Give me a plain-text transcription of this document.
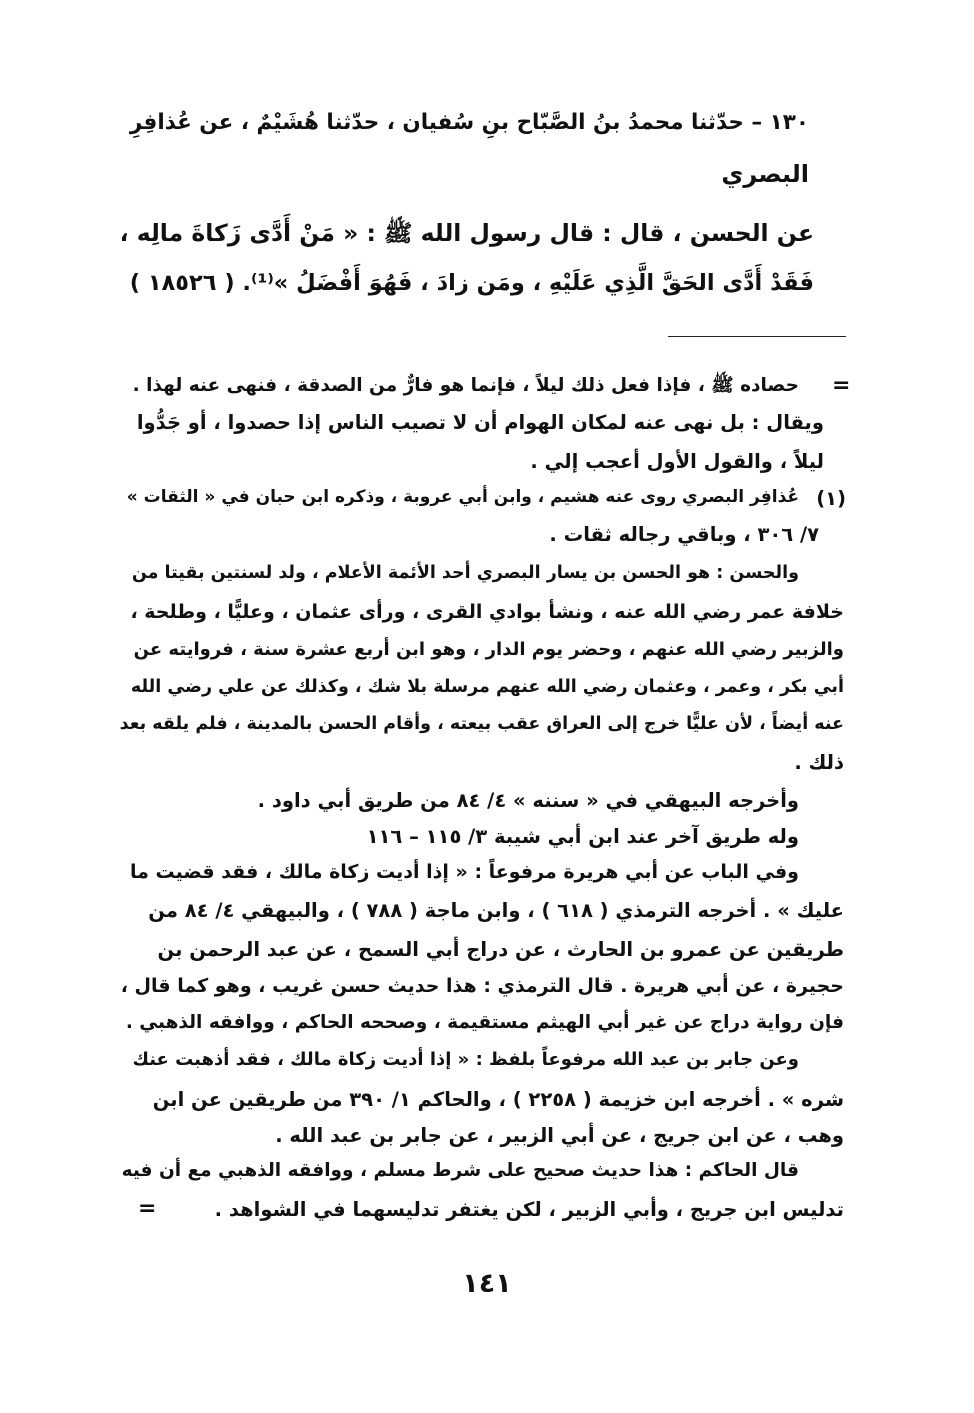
١٣٠ – حدّثنا محمدُ بنُ الصَّبّاح بنِ سُفيان ، حدّثنا هُشَيْمٌ ، عن عُذافِرِ
البصري
عن الحسن ، قال : قال رسول الله ﷺ : « مَنْ أَدَّى زَكاةَ مالِه ،
فَقَدْ أَدَّى الحَقَّ الَّذِي عَلَيْهِ ، ومَن زادَ ، فَهُوَ أَفْضَلُ »⁽¹⁾. ( ١٨٥٢٦ )
=
حصاده ﷺ ، فإذا فعل ذلك ليلاً ، فإنما هو فارٌّ من الصدقة ، فنهى عنه لهذا .
ويقال : بل نهى عنه لمكان الهوام أن لا تصيب الناس إذا حصدوا ، أو جَدُّوا
ليلاً ، والقول الأول أعجب إلي .
(١)
عُذافِر البصري روى عنه هشيم ، وابن أبي عروبة ، وذكره ابن حبان في « الثقات »
٧/ ٣٠٦ ، وباقي رجاله ثقات .
والحسن : هو الحسن بن يسار البصري أحد الأئمة الأعلام ، ولد لسنتين بقيتا من
خلافة عمر رضي الله عنه ، ونشأ بوادي القرى ، ورأى عثمان ، وعليًّا ، وطلحة ،
والزبير رضي الله عنهم ، وحضر يوم الدار ، وهو ابن أربع عشرة سنة ، فروايته عن
أبي بكر ، وعمر ، وعثمان رضي الله عنهم مرسلة بلا شك ، وكذلك عن علي رضي الله
عنه أيضاً ، لأن عليًّا خرج إلى العراق عقب بيعته ، وأقام الحسن بالمدينة ، فلم يلقه بعد
ذلك .
وأخرجه البيهقي في « سننه » ٤/ ٨٤ من طريق أبي داود .
وله طريق آخر عند ابن أبي شيبة ٣/ ١١٥ – ١١٦
وفي الباب عن أبي هريرة مرفوعاً : « إذا أديت زكاة مالك ، فقد قضيت ما
عليك » . أخرجه الترمذي ( ٦١٨ ) ، وابن ماجة ( ٧٨٨ ) ، والبيهقي ٤/ ٨٤ من
طريقين عن عمرو بن الحارث ، عن دراج أبي السمح ، عن عبد الرحمن بن
حجيرة ، عن أبي هريرة . قال الترمذي : هذا حديث حسن غريب ، وهو كما قال ،
فإن رواية دراج عن غير أبي الهيثم مستقيمة ، وصححه الحاكم ، ووافقه الذهبي .
وعن جابر بن عبد الله مرفوعاً بلفظ : « إذا أديت زكاة مالك ، فقد أذهبت عنك
شره » . أخرجه ابن خزيمة ( ٢٢٥٨ ) ، والحاكم ١/ ٣٩٠ من طريقين عن ابن
وهب ، عن ابن جريج ، عن أبي الزبير ، عن جابر بن عبد الله .
قال الحاكم : هذا حديث صحيح على شرط مسلم ، ووافقه الذهبي مع أن فيه
تدليس ابن جريج ، وأبي الزبير ، لكن يغتفر تدليسهما في الشواهد .
=
١٤١
